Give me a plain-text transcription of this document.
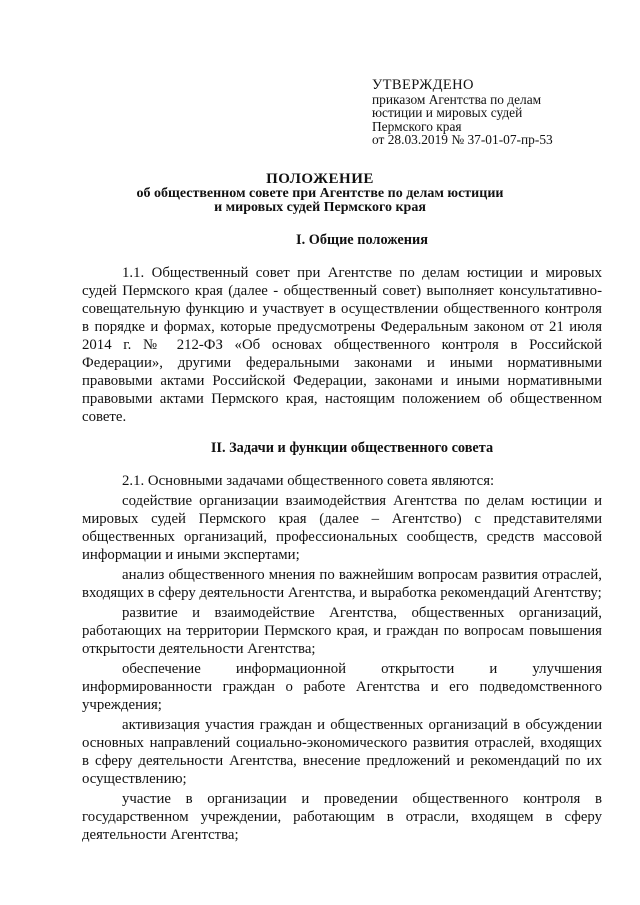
УТВЕРЖДЕНО
приказом Агентства по делам
юстиции и мировых судей
Пермского края
от 28.03.2019 № 37-01-07-пр-53
ПОЛОЖЕНИЕ
об общественном совете при Агентстве по делам юстиции
и мировых судей Пермского края
I. Общие положения

1.1. Общественный совет при Агентстве по делам юстиции и мировых судей Пермского края (далее - общественный совет) выполняет консультативно-совещательную функцию и участвует в осуществлении общественного контроля в порядке и формах, которые предусмотрены Федеральным законом от 21 июля 2014 г. № 212-ФЗ «Об основах общественного контроля в Российской Федерации», другими федеральными законами и иными нормативными правовыми актами Российской Федерации, законами и иными нормативными правовыми актами Пермского края, настоящим положением об общественном совете.

II. Задачи и функции общественного совета

2.1. Основными задачами общественного совета являются:

содействие организации взаимодействия Агентства по делам юстиции и мировых судей Пермского края (далее – Агентство) с представителями общественных организаций, профессиональных сообществ, средств массовой информации и иными экспертами;

анализ общественного мнения по важнейшим вопросам развития отраслей, входящих в сферу деятельности Агентства, и выработка рекомендаций Агентству;

развитие и взаимодействие Агентства, общественных организаций, работающих на территории Пермского края, и граждан по вопросам повышения открытости деятельности Агентства;

обеспечение информационной открытости и улучшения информированности граждан о работе Агентства и его подведомственного учреждения;

активизация участия граждан и общественных организаций в обсуждении основных направлений социально-экономического развития отраслей, входящих в сферу деятельности Агентства, внесение предложений и рекомендаций по их осуществлению;

участие в организации и проведении общественного контроля в государственном учреждении, работающим в отрасли, входящем в сферу деятельности Агентства;
